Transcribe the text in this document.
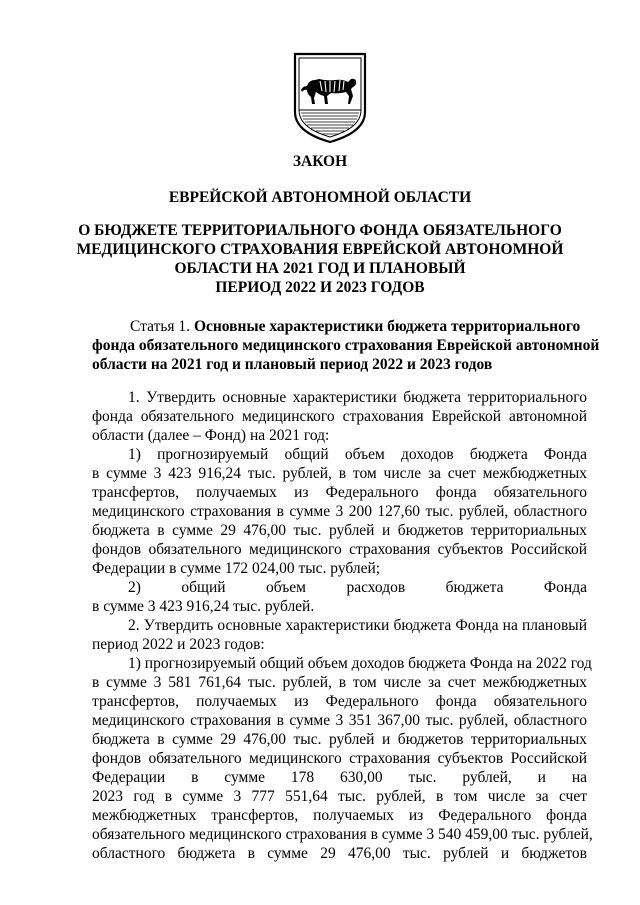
ЗАКОН
ЕВРЕЙСКОЙ АВТОНОМНОЙ ОБЛАСТИ
О БЮДЖЕТЕ ТЕРРИТОРИАЛЬНОГО ФОНДА ОБЯЗАТЕЛЬНОГО
МЕДИЦИНСКОГО СТРАХОВАНИЯ ЕВРЕЙСКОЙ АВТОНОМНОЙ
ОБЛАСТИ НА 2021 ГОД И ПЛАНОВЫЙ
ПЕРИОД 2022 И 2023 ГОДОВ
Статья 1. Основные характеристики бюджета территориального
фонда обязательного медицинского страхования Еврейской автономной
области на 2021 год и плановый период 2022 и 2023 годов
1. Утвердить основные характеристики бюджета территориального
фонда обязательного медицинского страхования Еврейской автономной
области (далее – Фонд) на 2021 год:
1) прогнозируемый общий объем доходов бюджета Фонда
в сумме 3 423 916,24 тыс. рублей, в том числе за счет межбюджетных
трансфертов, получаемых из Федерального фонда обязательного
медицинского страхования в сумме 3 200 127,60 тыс. рублей, областного
бюджета в сумме 29 476,00 тыс. рублей и бюджетов территориальных
фондов обязательного медицинского страхования субъектов Российской
Федерации в сумме 172 024,00 тыс. рублей;
2) общий объем расходов бюджета Фонда
в сумме 3 423 916,24 тыс. рублей.
2. Утвердить основные характеристики бюджета Фонда на плановый
период 2022 и 2023 годов:
1) прогнозируемый общий объем доходов бюджета Фонда на 2022 год
в сумме 3 581 761,64 тыс. рублей, в том числе за счет межбюджетных
трансфертов, получаемых из Федерального фонда обязательного
медицинского страхования в сумме 3 351 367,00 тыс. рублей, областного
бюджета в сумме 29 476,00 тыс. рублей и бюджетов территориальных
фондов обязательного медицинского страхования субъектов Российской
Федерации в сумме 178 630,00 тыс. рублей, и на
2023 год в сумме 3 777 551,64 тыс. рублей, в том числе за счет
межбюджетных трансфертов, получаемых из Федерального фонда
обязательного медицинского страхования в сумме 3 540 459,00 тыс. рублей,
областного бюджета в сумме 29 476,00 тыс. рублей и бюджетов
